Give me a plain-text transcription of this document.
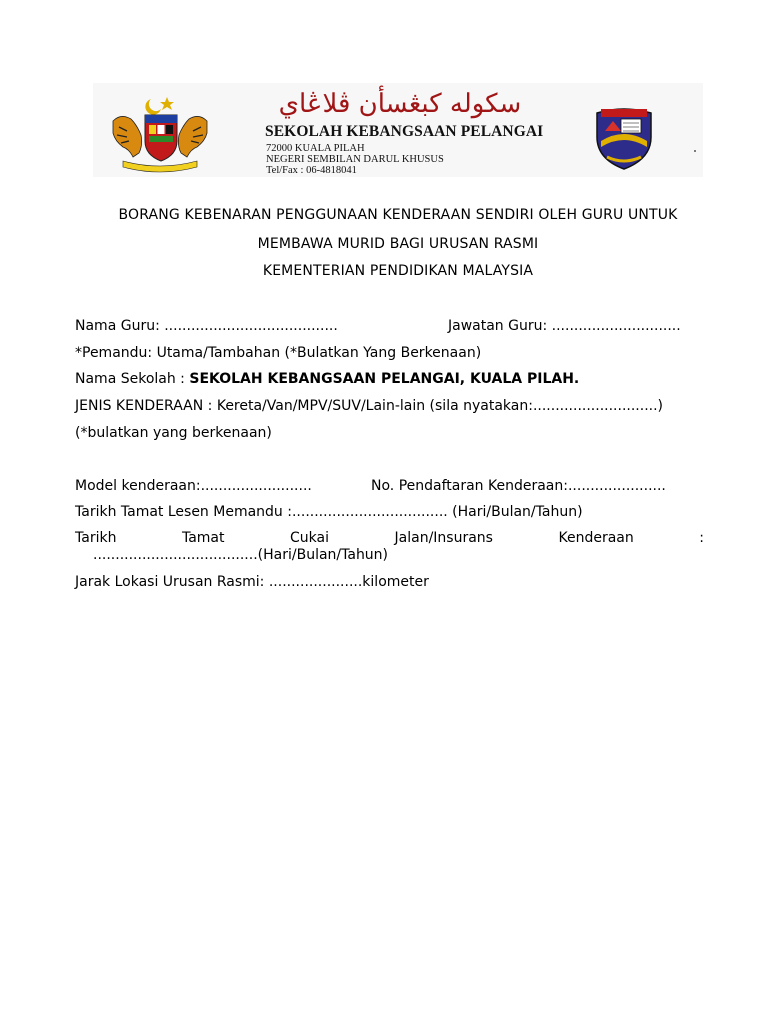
سکوله کبڠسأن ڤلاڠاي
SEKOLAH KEBANGSAAN PELANGAI
72000 KUALA PILAH
NEGERI SEMBILAN DARUL KHUSUS
Tel/Fax : 06-4818041
BORANG KEBENARAN PENGGUNAAN KENDERAAN SENDIRI OLEH GURU UNTUK
MEMBAWA MURID BAGI URUSAN RASMI
KEMENTERIAN PENDIDIKAN MALAYSIA
Nama Guru: .......................................	Jawatan Guru: .............................
*Pemandu: Utama/Tambahan (*Bulatkan Yang Berkenaan)
Nama Sekolah : SEKOLAH KEBANGSAAN PELANGAI, KUALA PILAH.
JENIS KENDERAAN : Kereta/Van/MPV/SUV/Lain-lain (sila nyatakan:............................)
(*bulatkan yang berkenaan)
Model kenderaan:.........................	No. Pendaftaran Kenderaan:......................
Tarikh Tamat Lesen Memandu :................................... (Hari/Bulan/Tahun)
Tarikh	Tamat	Cukai	Jalan/Insurans	Kenderaan	:
.....................................(Hari/Bulan/Tahun)
Jarak Lokasi Urusan Rasmi: .....................kilometer
